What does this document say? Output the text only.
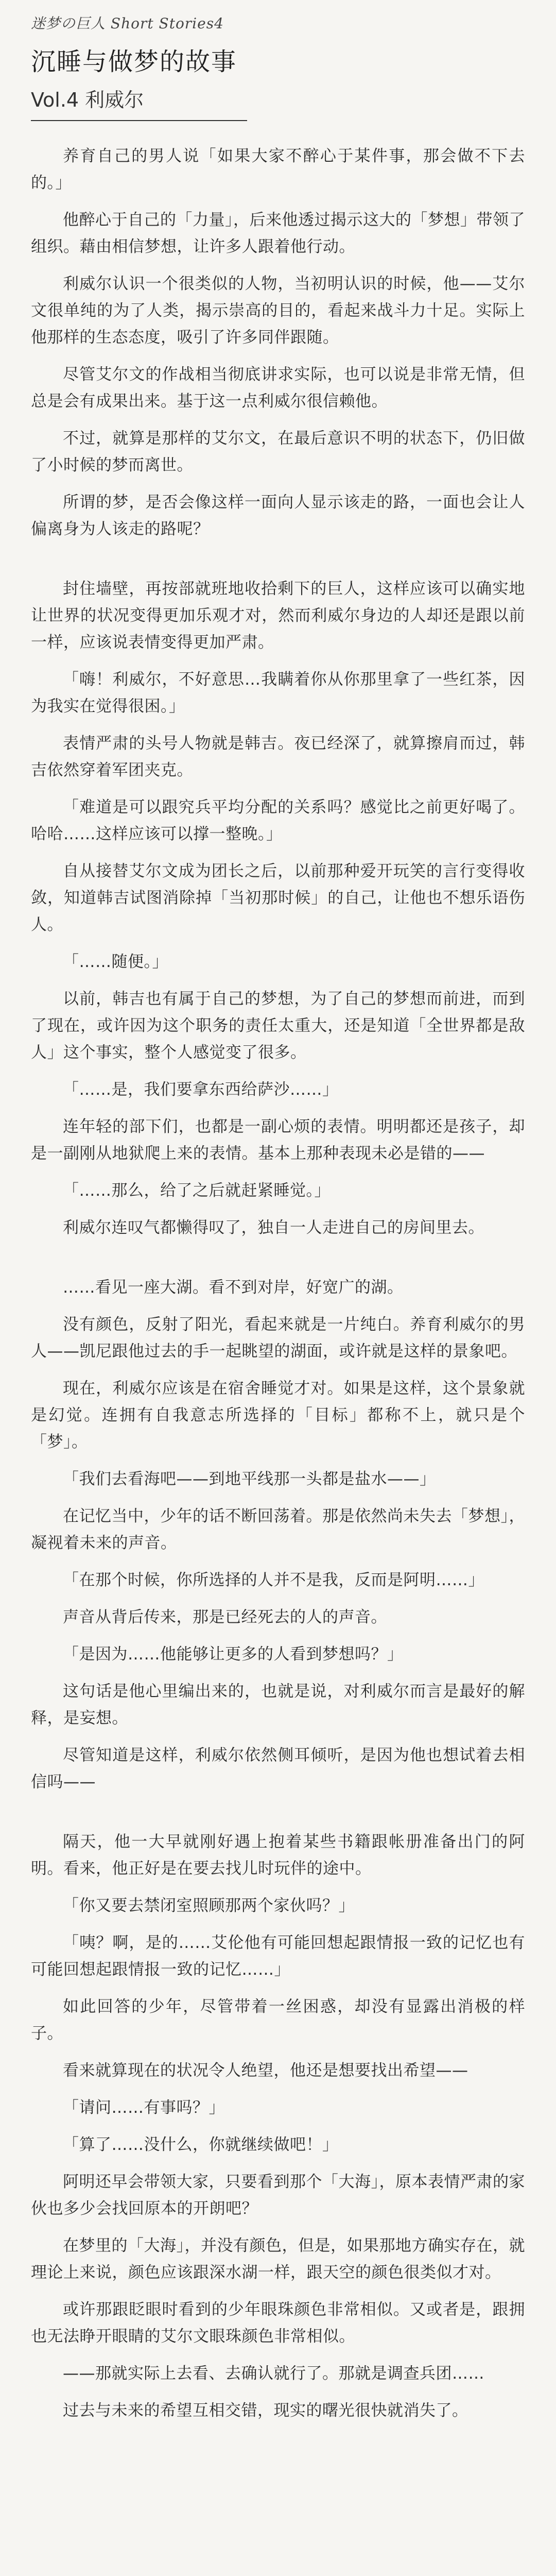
迷梦の巨人 Short Stories4
沉睡与做梦的故事
Vol.4 利威尔

养育自己的男人说「如果大家不醉心于某件事，那会做不下去的。」

他醉心于自己的「力量」，后来他透过揭示这大的「梦想」带领了组织。藉由相信梦想，让许多人跟着他行动。

利威尔认识一个很类似的人物，当初明认识的时候，他——艾尔文很单纯的为了人类，揭示崇高的目的，看起来战斗力十足。实际上他那样的生态态度，吸引了许多同伴跟随。

尽管艾尔文的作战相当彻底讲求实际，也可以说是非常无情，但总是会有成果出来。基于这一点利威尔很信赖他。

不过，就算是那样的艾尔文，在最后意识不明的状态下，仍旧做了小时候的梦而离世。

所谓的梦，是否会像这样一面向人显示该走的路，一面也会让人偏离身为人该走的路呢？

封住墙壁，再按部就班地收拾剩下的巨人，这样应该可以确实地让世界的状况变得更加乐观才对，然而利威尔身边的人却还是跟以前一样，应该说表情变得更加严肃。

「嗨！利威尔，不好意思…我瞒着你从你那里拿了一些红茶，因为我实在觉得很困。」

表情严肃的头号人物就是韩吉。夜已经深了，就算擦肩而过，韩吉依然穿着军团夹克。

「难道是可以跟究兵平均分配的关系吗？感觉比之前更好喝了。哈哈……这样应该可以撑一整晚。」

自从接替艾尔文成为团长之后，以前那种爱开玩笑的言行变得收敛，知道韩吉试图消除掉「当初那时候」的自己，让他也不想乐语伤人。

「……随便。」

以前，韩吉也有属于自己的梦想，为了自己的梦想而前进，而到了现在，或许因为这个职务的责任太重大，还是知道「全世界都是敌人」这个事实，整个人感觉变了很多。

「……是，我们要拿东西给萨沙……」

连年轻的部下们，也都是一副心烦的表情。明明都还是孩子，却是一副刚从地狱爬上来的表情。基本上那种表现未必是错的——

「……那么，给了之后就赶紧睡觉。」

利威尔连叹气都懒得叹了，独自一人走进自己的房间里去。

……看见一座大湖。看不到对岸，好宽广的湖。

没有颜色，反射了阳光，看起来就是一片纯白。养育利威尔的男人——凯尼跟他过去的手一起眺望的湖面，或许就是这样的景象吧。

现在，利威尔应该是在宿舍睡觉才对。如果是这样，这个景象就是幻觉。连拥有自我意志所选择的「目标」都称不上，就只是个「梦」。

「我们去看海吧——到地平线那一头都是盐水——」

在记忆当中，少年的话不断回荡着。那是依然尚未失去「梦想」，凝视着未来的声音。

「在那个时候，你所选择的人并不是我，反而是阿明……」

声音从背后传来，那是已经死去的人的声音。

「是因为……他能够让更多的人看到梦想吗？」

这句话是他心里编出来的，也就是说，对利威尔而言是最好的解释，是妄想。

尽管知道是这样，利威尔依然侧耳倾听，是因为他也想试着去相信吗——

隔天，他一大早就刚好遇上抱着某些书籍跟帐册准备出门的阿明。看来，他正好是在要去找儿时玩伴的途中。

「你又要去禁闭室照顾那两个家伙吗？」

「咦？啊，是的……艾伦他有可能回想起跟情报一致的记忆也有可能回想起跟情报一致的记忆……」

如此回答的少年，尽管带着一丝困惑，却没有显露出消极的样子。

看来就算现在的状况令人绝望，他还是想要找出希望——

「请问……有事吗？」

「算了……没什么，你就继续做吧！」

阿明还早会带领大家，只要看到那个「大海」，原本表情严肃的家伙也多少会找回原本的开朗吧？

在梦里的「大海」，并没有颜色，但是，如果那地方确实存在，就理论上来说，颜色应该跟深水湖一样，跟天空的颜色很类似才对。

或许那跟眨眼时看到的少年眼珠颜色非常相似。又或者是，跟拥也无法睁开眼睛的艾尔文眼珠颜色非常相似。

——那就实际上去看、去确认就行了。那就是调查兵团……

过去与未来的希望互相交错，现实的曙光很快就消失了。
